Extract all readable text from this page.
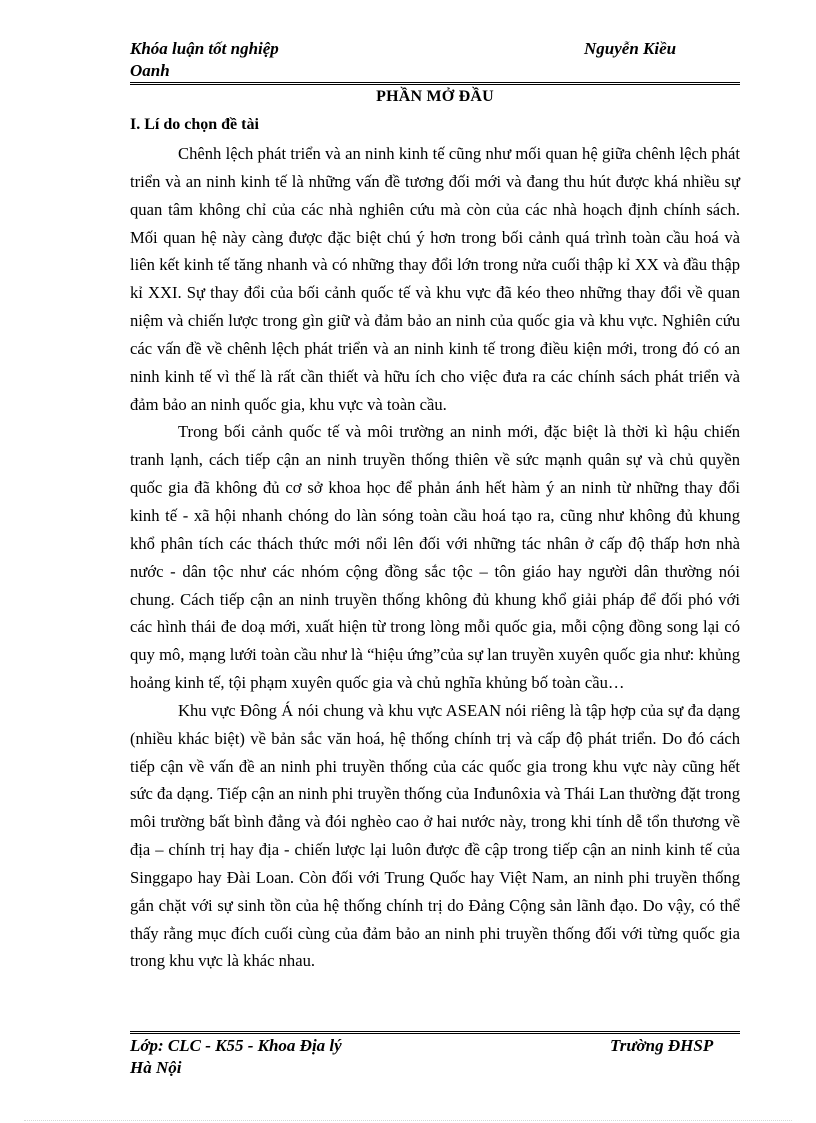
Khóa luận tốt nghiệp	Nguyễn Kiều
Oanh
PHẦN MỞ ĐẦU
I. Lí do chọn đề tài

Chênh lệch phát triển và an ninh kinh tế cũng như mối quan hệ giữa chênh lệch phát triển và an ninh kinh tế là những vấn đề tương đối mới và đang thu hút được khá nhiều sự quan tâm không chỉ của các nhà nghiên cứu mà còn của các nhà hoạch định chính sách. Mối quan hệ này càng được đặc biệt chú ý hơn trong bối cảnh quá trình toàn cầu hoá và liên kết kinh tế tăng nhanh và có những thay đổi lớn trong nửa cuối thập kỉ XX và đầu thập kỉ XXI. Sự thay đổi của bối cảnh quốc tế và khu vực đã kéo theo những thay đổi về quan niệm và chiến lược trong gìn giữ và đảm bảo an ninh của quốc gia và khu vực. Nghiên cứu các vấn đề về chênh lệch phát triển và an ninh kinh tế trong điều kiện mới, trong đó có an ninh kinh tế vì thế là rất cần thiết và hữu ích cho việc đưa ra các chính sách phát triển và đảm bảo an ninh quốc gia, khu vực và toàn cầu.

Trong bối cảnh quốc tế và môi trường an ninh mới, đặc biệt là thời kì hậu chiến tranh lạnh, cách tiếp cận an ninh truyền thống thiên về sức mạnh quân sự và chủ quyền quốc gia đã không đủ cơ sở khoa học để phản ánh hết hàm ý an ninh từ những thay đổi kinh tế - xã hội nhanh chóng do làn sóng toàn cầu hoá tạo ra, cũng như không đủ khung khổ phân tích các thách thức mới nổi lên đối với những tác nhân ở cấp độ thấp hơn nhà nước - dân tộc như các nhóm cộng đồng sắc tộc – tôn giáo hay người dân thường nói chung. Cách tiếp cận an ninh truyền thống không đủ khung khổ giải pháp để đối phó với các hình thái đe doạ mới, xuất hiện từ trong lòng mỗi quốc gia, mỗi cộng đồng song lại có quy mô, mạng lưới toàn cầu như là “hiệu ứng”của sự lan truyền xuyên quốc gia như: khủng hoảng kinh tế, tội phạm xuyên quốc gia và chủ nghĩa khủng bố toàn cầu…

Khu vực Đông Á nói chung và khu vực ASEAN nói riêng là tập hợp của sự đa dạng (nhiều khác biệt) về bản sắc văn hoá, hệ thống chính trị và cấp độ phát triển. Do đó cách tiếp cận về vấn đề an ninh phi truyền thống của các quốc gia trong khu vực này cũng hết sức đa dạng. Tiếp cận an ninh phi truyền thống của Inđunôxia và Thái Lan thường đặt trong môi trường bất bình đẳng và đói nghèo cao ở hai nước này, trong khi tính dễ tổn thương về địa – chính trị hay địa - chiến lược lại luôn được đề cập trong tiếp cận an ninh kinh tế của Singgapo hay Đài Loan. Còn đối với Trung Quốc hay Việt Nam, an ninh phi truyền thống gắn chặt với sự sinh tồn của hệ thống chính trị do Đảng Cộng sản lãnh đạo. Do vậy, có thể thấy rằng mục đích cuối cùng của đảm bảo an ninh phi truyền thống đối với từng quốc gia trong khu vực là khác nhau.

Lớp: CLC - K55 - Khoa Địa lý	Trường ĐHSP
Hà Nội
